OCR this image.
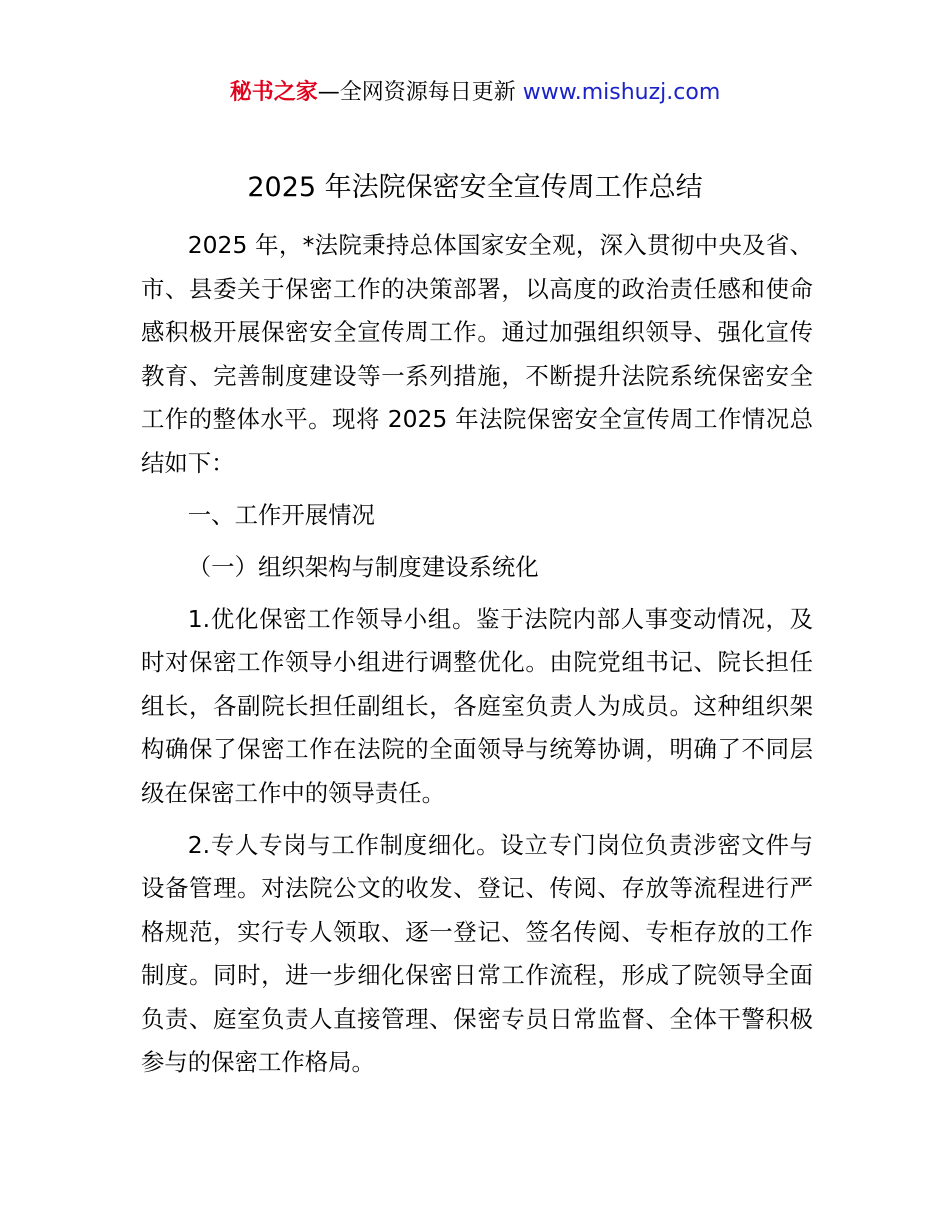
秘书之家—全网资源每日更新 www.mishuzj.com
2025 年法院保密安全宣传周工作总结

2025 年，*法院秉持总体国家安全观，深入贯彻中央及省、市、县委关于保密工作的决策部署，以高度的政治责任感和使命感积极开展保密安全宣传周工作。通过加强组织领导、强化宣传教育、完善制度建设等一系列措施，不断提升法院系统保密安全工作的整体水平。现将 2025 年法院保密安全宣传周工作情况总结如下：

一、工作开展情况

（一）组织架构与制度建设系统化

1.优化保密工作领导小组。鉴于法院内部人事变动情况，及时对保密工作领导小组进行调整优化。由院党组书记、院长担任组长，各副院长担任副组长，各庭室负责人为成员。这种组织架构确保了保密工作在法院的全面领导与统筹协调，明确了不同层级在保密工作中的领导责任。

2.专人专岗与工作制度细化。设立专门岗位负责涉密文件与设备管理。对法院公文的收发、登记、传阅、存放等流程进行严格规范，实行专人领取、逐一登记、签名传阅、专柜存放的工作制度。同时，进一步细化保密日常工作流程，形成了院领导全面负责、庭室负责人直接管理、保密专员日常监督、全体干警积极参与的保密工作格局。
